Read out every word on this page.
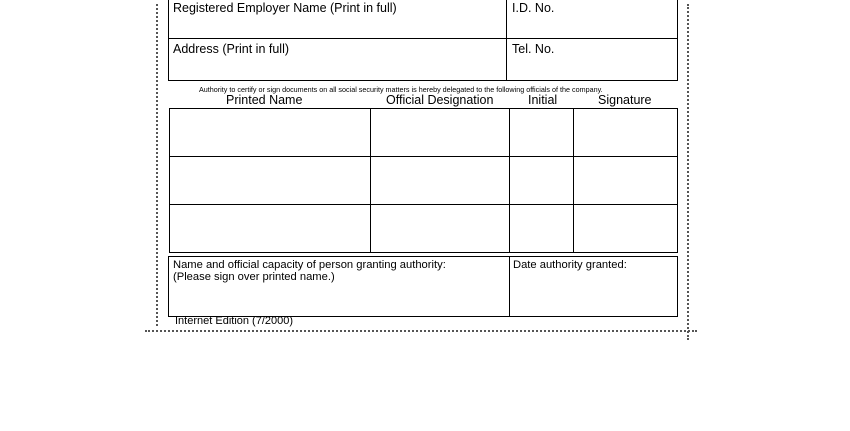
Registered Employer Name (Print in full)	I.D. No.
Address (Print in full)	Tel. No.
Authority to certify or sign documents on all social security matters is hereby delegated to the following officials of the company.
Printed Name	Official Designation	Initial	Signature
Name and official capacity of person granting authority:
(Please sign over printed name.)
Date authority granted:
Internet Edition (7/2000)
